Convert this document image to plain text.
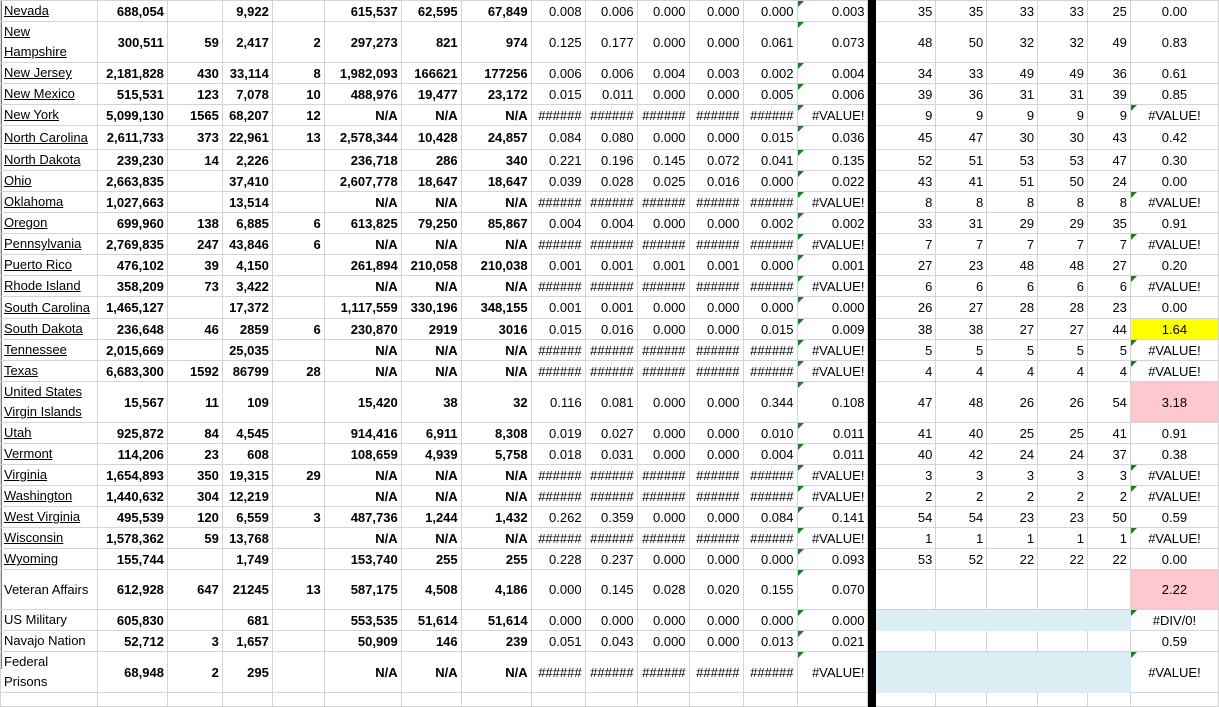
Nevada	688,054		9,922		615,537	62,595	67,849	0.008	0.006	0.000	0.000	0.000	0.003		35	35	33	33	25	0.00
New Hampshire	300,511	59	2,417	2	297,273	821	974	0.125	0.177	0.000	0.000	0.061	0.073		48	50	32	32	49	0.83
New Jersey	2,181,828	430	33,114	8	1,982,093	166621	177256	0.006	0.006	0.004	0.003	0.002	0.004		34	33	49	49	36	0.61
New Mexico	515,531	123	7,078	10	488,976	19,477	23,172	0.015	0.011	0.000	0.000	0.005	0.006		39	36	31	31	39	0.85
New York	5,099,130	1565	68,207	12	N/A	N/A	N/A	######	######	######	######	######	#VALUE!		9	9	9	9	9	#VALUE!
North Carolina	2,611,733	373	22,961	13	2,578,344	10,428	24,857	0.084	0.080	0.000	0.000	0.015	0.036		45	47	30	30	43	0.42
North Dakota	239,230	14	2,226		236,718	286	340	0.221	0.196	0.145	0.072	0.041	0.135		52	51	53	53	47	0.30
Ohio	2,663,835		37,410		2,607,778	18,647	18,647	0.039	0.028	0.025	0.016	0.000	0.022		43	41	51	50	24	0.00
Oklahoma	1,027,663		13,514		N/A	N/A	N/A	######	######	######	######	######	#VALUE!		8	8	8	8	8	#VALUE!
Oregon	699,960	138	6,885	6	613,825	79,250	85,867	0.004	0.004	0.000	0.000	0.002	0.002		33	31	29	29	35	0.91
Pennsylvania	2,769,835	247	43,846	6	N/A	N/A	N/A	######	######	######	######	######	#VALUE!		7	7	7	7	7	#VALUE!
Puerto Rico	476,102	39	4,150		261,894	210,058	210,038	0.001	0.001	0.001	0.001	0.000	0.001		27	23	48	48	27	0.20
Rhode Island	358,209	73	3,422		N/A	N/A	N/A	######	######	######	######	######	#VALUE!		6	6	6	6	6	#VALUE!
South Carolina	1,465,127		17,372		1,117,559	330,196	348,155	0.001	0.001	0.000	0.000	0.000	0.000		26	27	28	28	23	0.00
South Dakota	236,648	46	2859	6	230,870	2919	3016	0.015	0.016	0.000	0.000	0.015	0.009		38	38	27	27	44	1.64
Tennessee	2,015,669		25,035		N/A	N/A	N/A	######	######	######	######	######	#VALUE!		5	5	5	5	5	#VALUE!
Texas	6,683,300	1592	86799	28	N/A	N/A	N/A	######	######	######	######	######	#VALUE!		4	4	4	4	4	#VALUE!
United States Virgin Islands	15,567	11	109		15,420	38	32	0.116	0.081	0.000	0.000	0.344	0.108		47	48	26	26	54	3.18
Utah	925,872	84	4,545		914,416	6,911	8,308	0.019	0.027	0.000	0.000	0.010	0.011		41	40	25	25	41	0.91
Vermont	114,206	23	608		108,659	4,939	5,758	0.018	0.031	0.000	0.000	0.004	0.011		40	42	24	24	37	0.38
Virginia	1,654,893	350	19,315	29	N/A	N/A	N/A	######	######	######	######	######	#VALUE!		3	3	3	3	3	#VALUE!
Washington	1,440,632	304	12,219		N/A	N/A	N/A	######	######	######	######	######	#VALUE!		2	2	2	2	2	#VALUE!
West Virginia	495,539	120	6,559	3	487,736	1,244	1,432	0.262	0.359	0.000	0.000	0.084	0.141		54	54	23	23	50	0.59
Wisconsin	1,578,362	59	13,768		N/A	N/A	N/A	######	######	######	######	######	#VALUE!		1	1	1	1	1	#VALUE!
Wyoming	155,744		1,749		153,740	255	255	0.228	0.237	0.000	0.000	0.000	0.093		53	52	22	22	22	0.00
Veteran Affairs	612,928	647	21245	13	587,175	4,508	4,186	0.000	0.145	0.028	0.020	0.155	0.070							2.22
US Military	605,830		681		553,535	51,614	51,614	0.000	0.000	0.000	0.000	0.000	0.000							#DIV/0!
Navajo Nation	52,712	3	1,657		50,909	146	239	0.051	0.043	0.000	0.000	0.013	0.021							0.59
Federal Prisons	68,948	2	295		N/A	N/A	N/A	######	######	######	######	######	#VALUE!							#VALUE!
